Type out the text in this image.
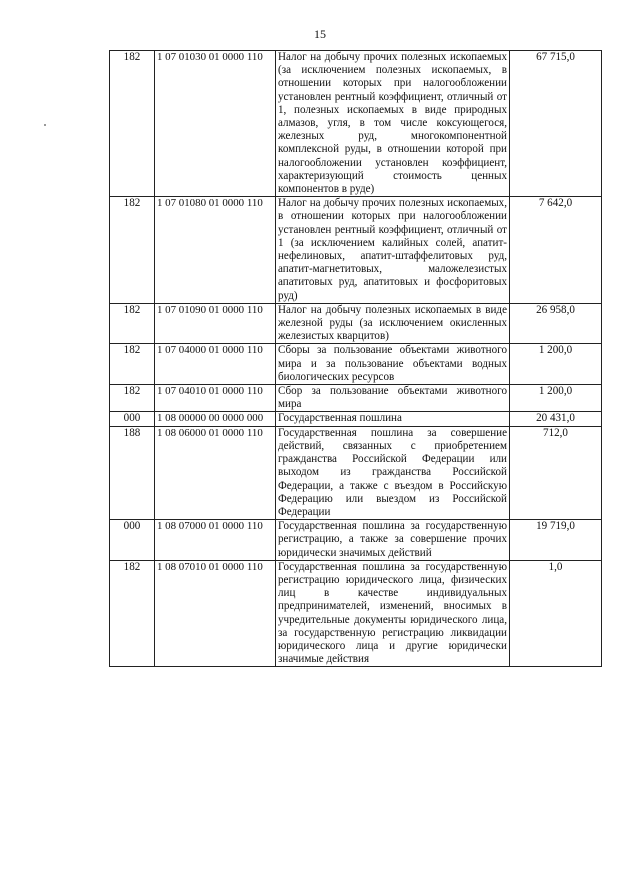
15
182	1 07 01030 01 0000 110	Налог на добычу прочих полезных ископаемых (за исключением полезных ископаемых, в отношении которых при налогообложении установлен рентный коэффициент, отличный от 1, полезных ископаемых в виде природных алмазов, угля, в том числе коксующегося, железных руд, многокомпонентной комплексной руды, в отношении которой при налогообложении установлен коэффициент, характеризующий стоимость ценных компонентов в руде)	67 715,0
182	1 07 01080 01 0000 110	Налог на добычу прочих полезных ископаемых, в отношении которых при налогообложении установлен рентный коэффициент, отличный от 1 (за исключением калийных солей, апатит-нефелиновых, апатит-штаффелитовых руд, апатит-магнетитовых, маложелезистых апатитовых руд, апатитовых и фосфоритовых руд)	7 642,0
182	1 07 01090 01 0000 110	Налог на добычу полезных ископаемых в виде железной руды (за исключением окисленных железистых кварцитов)	26 958,0
182	1 07 04000 01 0000 110	Сборы за пользование объектами животного мира и за пользование объектами водных биологических ресурсов	1 200,0
182	1 07 04010 01 0000 110	Сбор за пользование объектами животного мира	1 200,0
000	1 08 00000 00 0000 000	Государственная пошлина	20 431,0
188	1 08 06000 01 0000 110	Государственная пошлина за совершение действий, связанных с приобретением гражданства Российской Федерации или выходом из гражданства Российской Федерации, а также с въездом в Российскую Федерацию или выездом из Российской Федерации	712,0
000	1 08 07000 01 0000 110	Государственная пошлина за государственную регистрацию, а также за совершение прочих юридически значимых действий	19 719,0
182	1 08 07010 01 0000 110	Государственная пошлина за государственную регистрацию юридического лица, физических лиц в качестве индивидуальных предпринимателей, изменений, вносимых в учредительные документы юридического лица, за государственную регистрацию ликвидации юридического лица и другие юридически значимые действия	1,0
